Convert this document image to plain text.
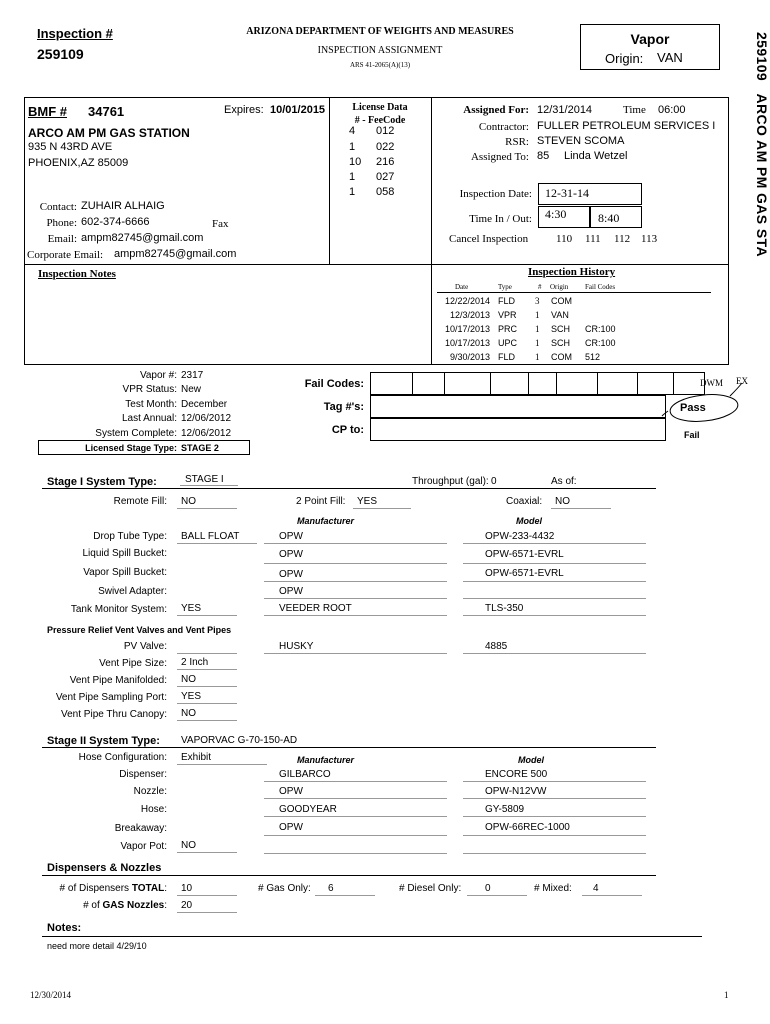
Inspection #
259109
ARIZONA DEPARTMENT OF WEIGHTS AND MEASURES
INSPECTION ASSIGNMENT
ARS 41-2065(A)(13)
Vapor
Origin: VAN	259109   ARCO AM PM GAS STA
BMF # 34761	Expires: 10/01/2015
ARCO AM PM GAS STATION
935 N 43RD AVE
PHOENIX,AZ 85009
Contact: ZUHAIR ALHAIG
Phone: 602-374-6666	Fax
Email: ampm82745@gmail.com
Corporate Email: ampm82745@gmail.com
License Data
# - FeeCode
4 012
1 022
10 216
1 027
1 058
Assigned For: 12/31/2014	Time 06:00
Contractor: FULLER PETROLEUM SERVICES I
RSR: STEVEN SCOMA
Assigned To: 85 Linda Wetzel
Inspection Date: 12-31-14
Time In / Out: 4:30	8:40
Cancel Inspection	110 111 112 113
Inspection Notes	Inspection History
Date	Type	# Origin Fail Codes
12/22/2014 FLD	3	COM
12/3/2013 VPR	1	VAN
10/17/2013 PRC	1	SCH	CR:100
10/17/2013 UPC	1	SCH	CR:100
9/30/2013 FLD	1	COM	512
Vapor #: 2317
VPR Status: New
Test Month: December
Last Annual: 12/06/2012
System Complete: 12/06/2012
Licensed Stage Type: STAGE 2
Fail Codes:
Tag #'s:
CP to:
DWM EX
Pass
Fail
Stage I System Type:	STAGE I	Throughput (gal): 0	As of:
Remote Fill: NO	2 Point Fill: YES	Coaxial: NO
Manufacturer	Model
Drop Tube Type: BALL FLOAT	OPW	OPW-233-4432
Liquid Spill Bucket:	OPW	OPW-6571-EVRL
Vapor Spill Bucket:	OPW	OPW-6571-EVRL
Swivel Adapter:	OPW
Tank Monitor System: YES	VEEDER ROOT	TLS-350
Pressure Relief Vent Valves and Vent Pipes
PV Valve:	HUSKY	4885
Vent Pipe Size: 2 Inch
Vent Pipe Manifolded: NO
Vent Pipe Sampling Port: YES
Vent Pipe Thru Canopy: NO
Stage II System Type: VAPORVAC G-70-150-AD
Hose Configuration: Exhibit	Manufacturer	Model
Dispenser:	GILBARCO	ENCORE 500
Nozzle:	OPW	OPW-N12VW
Hose:	GOODYEAR	GY-5809
Breakaway:	OPW	OPW-66REC-1000
Vapor Pot: NO
Dispensers & Nozzles
# of Dispensers TOTAL: 10	# Gas Only: 6	# Diesel Only: 0	# Mixed: 4
# of GAS Nozzles: 20
Notes:
need more detail 4/29/10
12/30/2014	1
